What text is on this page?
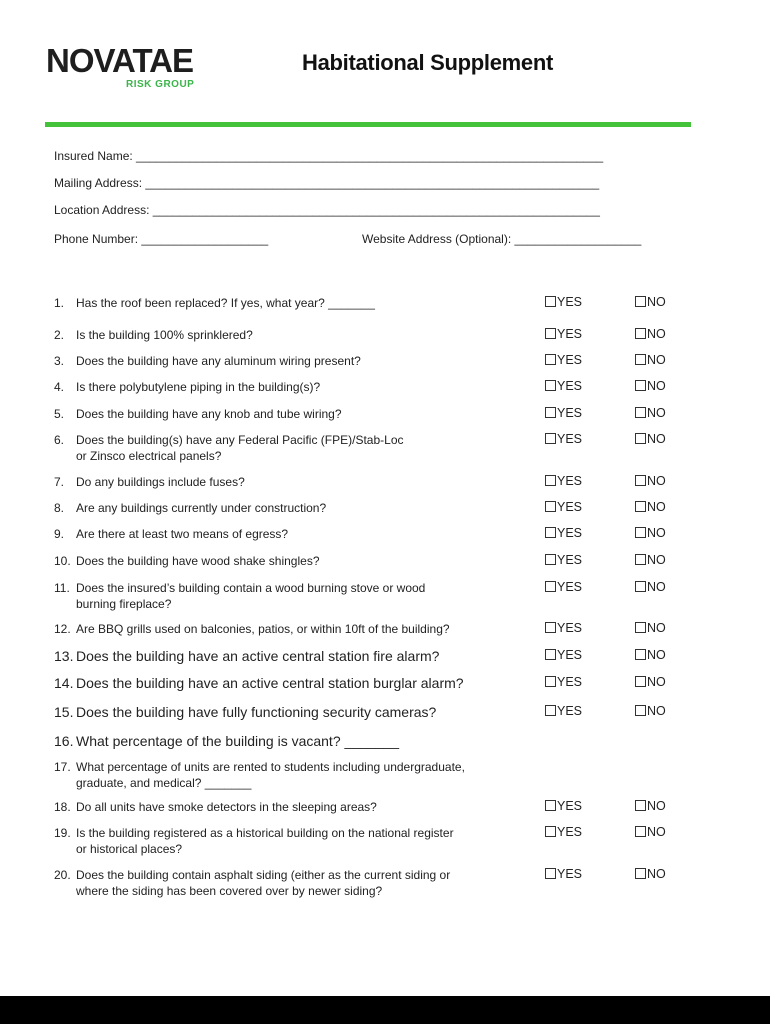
NOVATAE
RISK GROUP
Habitational Supplement
Insured Name: ______________________________________________________________________
Mailing Address: ____________________________________________________________________
Location Address: ___________________________________________________________________
Phone Number: ___________________	Website Address (Optional): ___________________
1. Has the roof been replaced? If yes, what year? _______	YES	NO
2. Is the building 100% sprinklered?	YES	NO
3. Does the building have any aluminum wiring present?	YES	NO
4. Is there polybutylene piping in the building(s)?	YES	NO
5. Does the building have any knob and tube wiring?	YES	NO
6. Does the building(s) have any Federal Pacific (FPE)/Stab-Loc
or Zinsco electrical panels?
YES	NO
7. Do any buildings include fuses?	YES	NO
8. Are any buildings currently under construction?	YES	NO
9. Are there at least two means of egress?	YES	NO
10. Does the building have wood shake shingles?	YES	NO
11. Does the insured’s building contain a wood burning stove or wood
burning fireplace?
YES	NO
12. Are BBQ grills used on balconies, patios, or within 10ft of the building?	YES	NO
13. Does the building have an active central station fire alarm?	YES	NO
14. Does the building have an active central station burglar alarm?	YES	NO
15. Does the building have fully functioning security cameras?	YES	NO
16. What percentage of the building is vacant? _______
17. What percentage of units are rented to students including undergraduate,
graduate, and medical? _______
18. Do all units have smoke detectors in the sleeping areas?	YES	NO
19. Is the building registered as a historical building on the national register
or historical places?
YES	NO
20. Does the building contain asphalt siding (either as the current siding or
where the siding has been covered over by newer siding?
YES	NO
